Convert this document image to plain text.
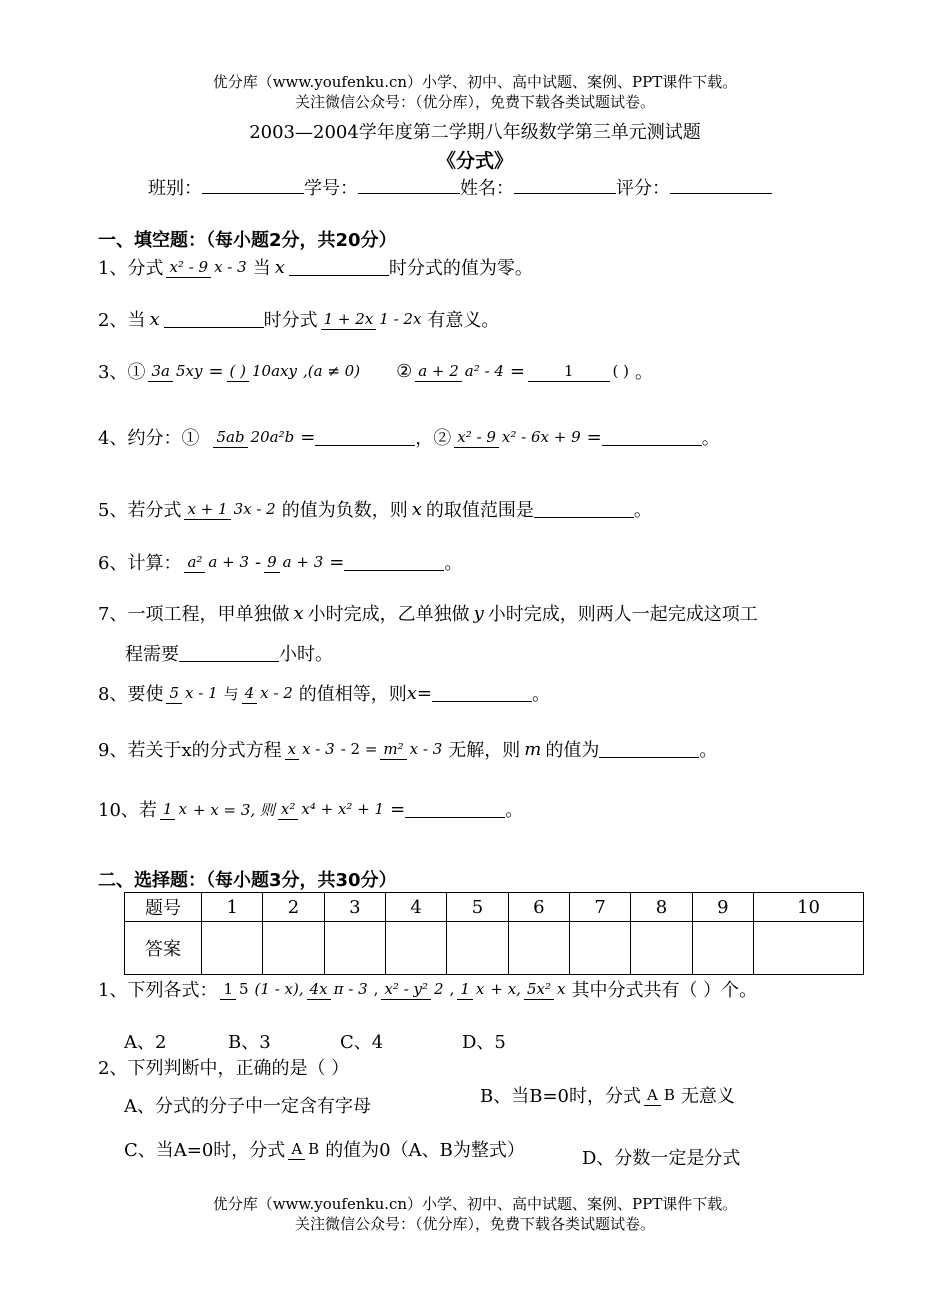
优分库（www.youfenku.cn）小学、初中、高中试题、案例、PPT课件下载。
关注微信公众号：（优分库），免费下载各类试题试卷。
2003—2004学年度第二学期八年级数学第三单元测试题
《分式》
班别：	学号：	姓名：	评分：
一、填空题：（每小题2分，共20分）
1、分式 x² - 9 x - 3 当 x	时分式的值为零。
2、当 x	时分式 1 + 2x 1 - 2x 有意义。
3、① 3a 5xy = ( ) 10axy ,(a ≠ 0) ② a + 2 a² - 4 =	1	( ) 。
4、约分：① 5ab 20a²b =	，② x² - 9 x² - 6x + 9 =	。
5、若分式 x + 1 3x - 2 的值为负数，则 x 的取值范围是	。
6、计算： a² a + 3 - 9 a + 3 =	。
7、一项工程，甲单独做 x 小时完成，乙单独做 y 小时完成，则两人一起完成这项工
程需要	小时。
8、要使 5 x - 1 与 4 x - 2 的值相等，则 x=	。
9、若关于x的分式方程 x x - 3 - 2 = m² x - 3 无解，则 m 的值为	。
10、若 1 x + x = 3, 则 x² x⁴ + x² + 1 =	。
二、选择题：（每小题3分，共30分）
题号	1	2	3	4	5	6	7	8	9	10
答案										
1、下列各式： 1 5 (1 - x), 4x π - 3 , x² - y² 2 , 1 x + x, 5x² x 其中分式共有（ ）个。
A、2	B、3	C、4	D、5
2、下列判断中，正确的是（ ）
A、分式的分子中一定含有字母	B、当B=0时，分式 A B 无意义
C、当A=0时，分式 A B 的值为0（A、B为整式）	D、分数一定是分式
优分库（www.youfenku.cn）小学、初中、高中试题、案例、PPT课件下载。
关注微信公众号：（优分库），免费下载各类试题试卷。
